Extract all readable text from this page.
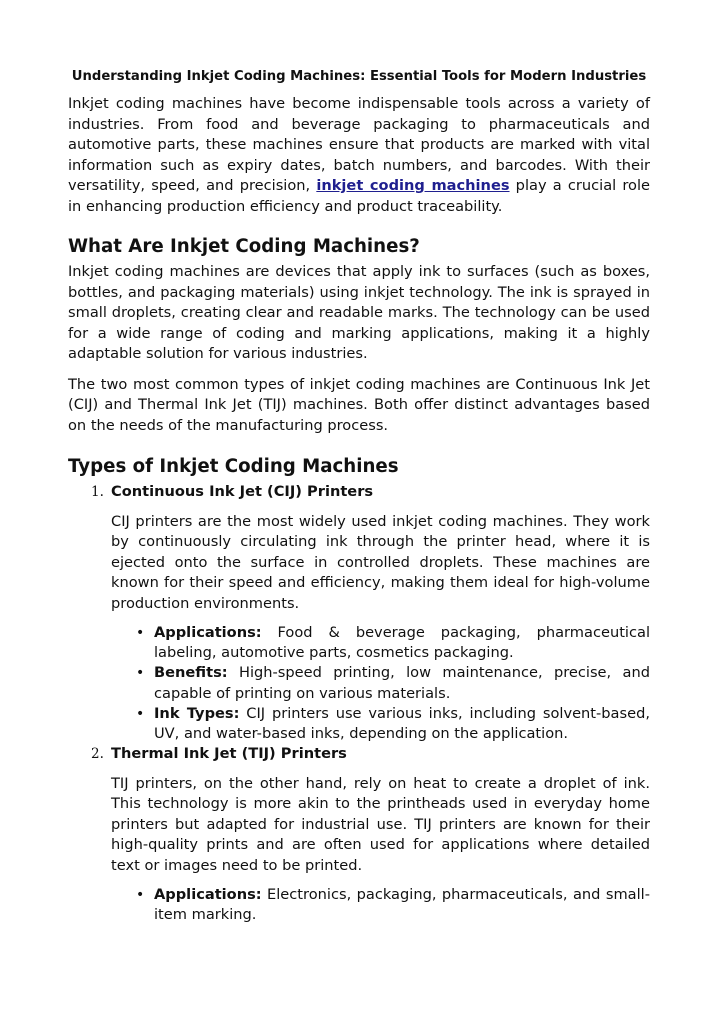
Understanding Inkjet Coding Machines: Essential Tools for Modern Industries

Inkjet coding machines have become indispensable tools across a variety of industries. From food and beverage packaging to pharmaceuticals and automotive parts, these machines ensure that products are marked with vital information such as expiry dates, batch numbers, and barcodes. With their versatility, speed, and precision, inkjet coding machines play a crucial role in enhancing production efficiency and product traceability.

What Are Inkjet Coding Machines?

Inkjet coding machines are devices that apply ink to surfaces (such as boxes, bottles, and packaging materials) using inkjet technology. The ink is sprayed in small droplets, creating clear and readable marks. The technology can be used for a wide range of coding and marking applications, making it a highly adaptable solution for various industries.

The two most common types of inkjet coding machines are Continuous Ink Jet (CIJ) and Thermal Ink Jet (TIJ) machines. Both offer distinct advantages based on the needs of the manufacturing process.

Types of Inkjet Coding Machines
1. Continuous Ink Jet (CIJ) Printers

CIJ printers are the most widely used inkjet coding machines. They work by continuously circulating ink through the printer head, where it is ejected onto the surface in controlled droplets. These machines are known for their speed and efficiency, making them ideal for high-volume production environments.

• Applications: Food & beverage packaging, pharmaceutical labeling, automotive parts, cosmetics packaging.
• Benefits: High-speed printing, low maintenance, precise, and capable of printing on various materials.
• Ink Types: CIJ printers use various inks, including solvent-based, UV, and water-based inks, depending on the application.
2. Thermal Ink Jet (TIJ) Printers

TIJ printers, on the other hand, rely on heat to create a droplet of ink. This technology is more akin to the printheads used in everyday home printers but adapted for industrial use. TIJ printers are known for their high-quality prints and are often used for applications where detailed text or images need to be printed.

• Applications: Electronics, packaging, pharmaceuticals, and small-item marking.
